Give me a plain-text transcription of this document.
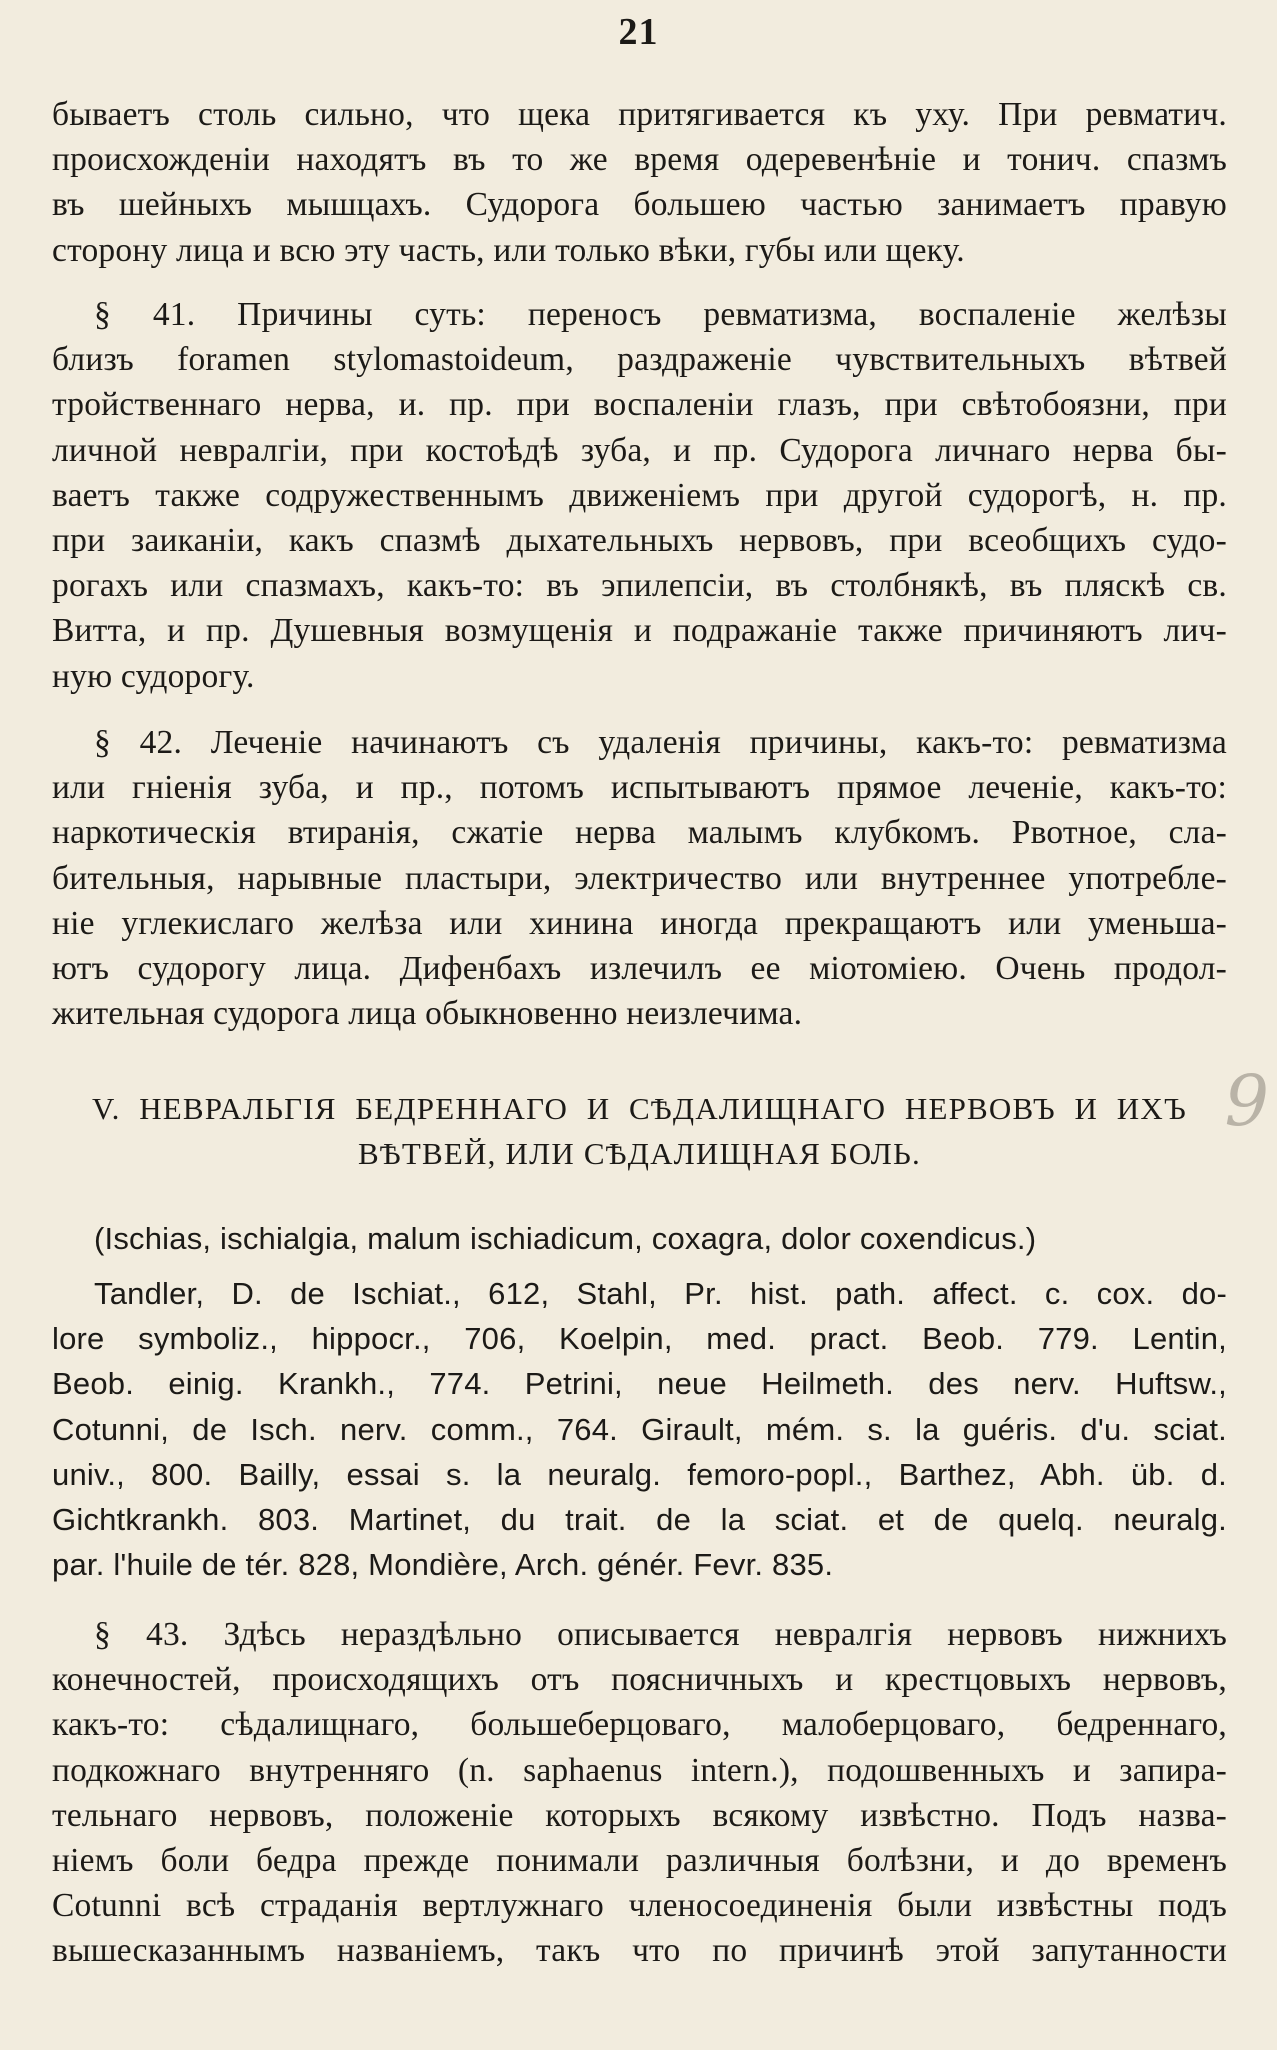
21
бываетъ столь сильно, что щека притягивается къ уху. При ревматич.
происхожденiи находятъ въ то же время одеревенѣнiе и тонич. спазмъ
въ шейныхъ мышцахъ. Судорога большею частью занимаетъ правую
сторону лица и всю эту часть, или только вѣки, губы или щеку.
§ 41. Причины суть: переносъ ревматизма, воспаленiе желѣзы
близъ foramen stylomastoideum, раздраженiе чувствительныхъ вѣтвей
тройственнаго нерва, и. пр. при воспаленiи глазъ, при свѣтобоязни, при
личной невралгiи, при костоѣдѣ зуба, и пр. Судорога личнаго нерва бы-
ваетъ также содружественнымъ движенiемъ при другой судорогѣ, н. пр.
при заиканiи, какъ спазмѣ дыхательныхъ нервовъ, при всеобщихъ судо-
рогахъ или спазмахъ, какъ-то: въ эпилепсiи, въ столбнякѣ, въ пляскѣ св.
Витта, и пр. Душевныя возмущенiя и подражанiе также причиняютъ лич-
ную судорогу.
§ 42. Леченiе начинаютъ съ удаленiя причины, какъ-то: ревматизма
или гнiенiя зуба, и пр., потомъ испытываютъ прямое леченiе, какъ-то:
наркотическiя втиранiя, сжатiе нерва малымъ клубкомъ. Рвотное, сла-
бительныя, нарывные пластыри, электричество или внутреннее употребле-
нiе углекислаго желѣза или хинина иногда прекращаютъ или уменьша-
ютъ судорогу лица. Дифенбахъ излечилъ ее мiотомiею. Очень продол-
жительная судорога лица обыкновенно неизлечима.
V. НЕВРАЛЬГIЯ БЕДРЕННАГО И СѢДАЛИЩНАГО НЕРВОВЪ И ИХЪ
ВѢТВЕЙ, ИЛИ СѢДАЛИЩНАЯ БОЛЬ.
(Ischias, ischialgia, malum ischiadicum, coxagra, dolor coxendicus.)
Tandler, D. de Ischiat., 612, Stahl, Pr. hist. path. affect. c. cox. do-
lore symboliz., hippocr., 706, Koelpin, med. pract. Beob. 779. Lentin,
Beob. einig. Krankh., 774. Petrini, neue Heilmeth. des nerv. Huftsw.,
Cotunni, de Isch. nerv. comm., 764. Girault, mém. s. la guéris. d'u. sciat.
univ., 800. Bailly, essai s. la neuralg. femoro-popl., Barthez, Abh. üb. d.
Gichtkrankh. 803. Martinet, du trait. de la sciat. et de quelq. neuralg.
par. l'huile de tér. 828, Mondière, Arch. génér. Fevr. 835.
§ 43. Здѣсь нераздѣльно описывается невралгiя нервовъ нижнихъ
конечностей, происходящихъ отъ поясничныхъ и крестцовыхъ нервовъ,
какъ-то: сѣдалищнаго, большеберцоваго, малоберцоваго, бедреннаго,
подкожнаго внутренняго (n. saphaenus intern.), подошвенныхъ и запира-
тельнаго нервовъ, положенiе которыхъ всякому извѣстно. Подъ назва-
нiемъ боли бедра прежде понимали различныя болѣзни, и до временъ
Cotunni всѣ страданiя вертлужнаго членосоединенiя были извѣстны подъ
вышесказаннымъ названiемъ, такъ что по причинѣ этой запутанности
9
